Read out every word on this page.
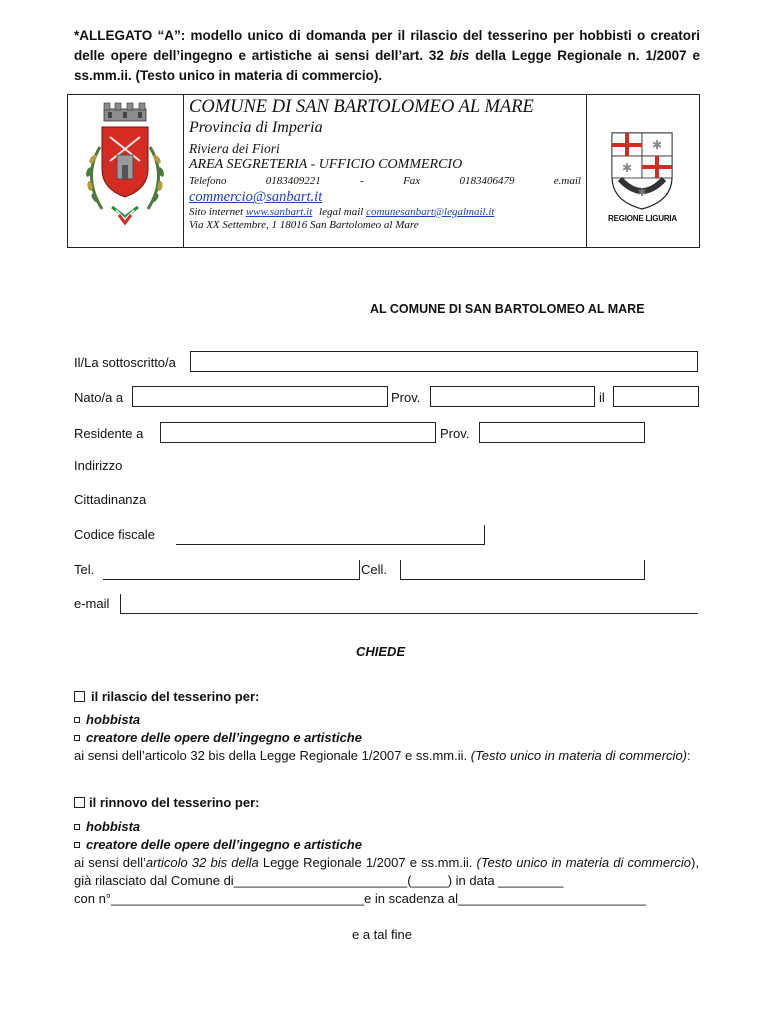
*ALLEGATO “A”: modello unico di domanda per il rilascio del tesserino per hobbisti o creatori delle opere dell’ingegno e artistiche ai sensi dell’art. 32 bis della Legge Regionale n. 1/2007 e ss.mm.ii. (Testo unico in materia di commercio).
COMUNE DI SAN BARTOLOMEO AL MARE
Provincia di Imperia
Riviera dei Fiori
AREA SEGRETERIA - UFFICIO COMMERCIO
Telefono	0183409221	-	Fax	0183406479	e.mail
commercio@sanbart.it
Sito internet www.sanbart.it legal mail comunesanbart@legalmail.it
Via XX Settembre, 1 18016 San Bartolomeo al Mare
✱
✱
✱
REGIONE LIGURIA
AL COMUNE DI SAN BARTOLOMEO AL MARE
Il/La sottoscritto/a
Nato/a a	Prov.	il
Residente a	Prov.
Indirizzo
Cittadinanza
Codice fiscale
Tel.	Cell.
e-mail
CHIEDE
il rilascio del tesserino per:
hobbista
creatore delle opere dell’ingegno e artistiche
ai sensi dell’articolo 32 bis della Legge Regionale 1/2007 e ss.mm.ii. (Testo unico in materia di commercio):
il rinnovo del tesserino per:
hobbista
creatore delle opere dell’ingegno e artistiche
ai sensi dell’articolo 32 bis della Legge Regionale 1/2007 e ss.mm.ii. (Testo unico in materia di commercio), già rilasciato dal Comune di________________________(_____) in data _________
con n°___________________________________e in scadenza al__________________________
e a tal fine
